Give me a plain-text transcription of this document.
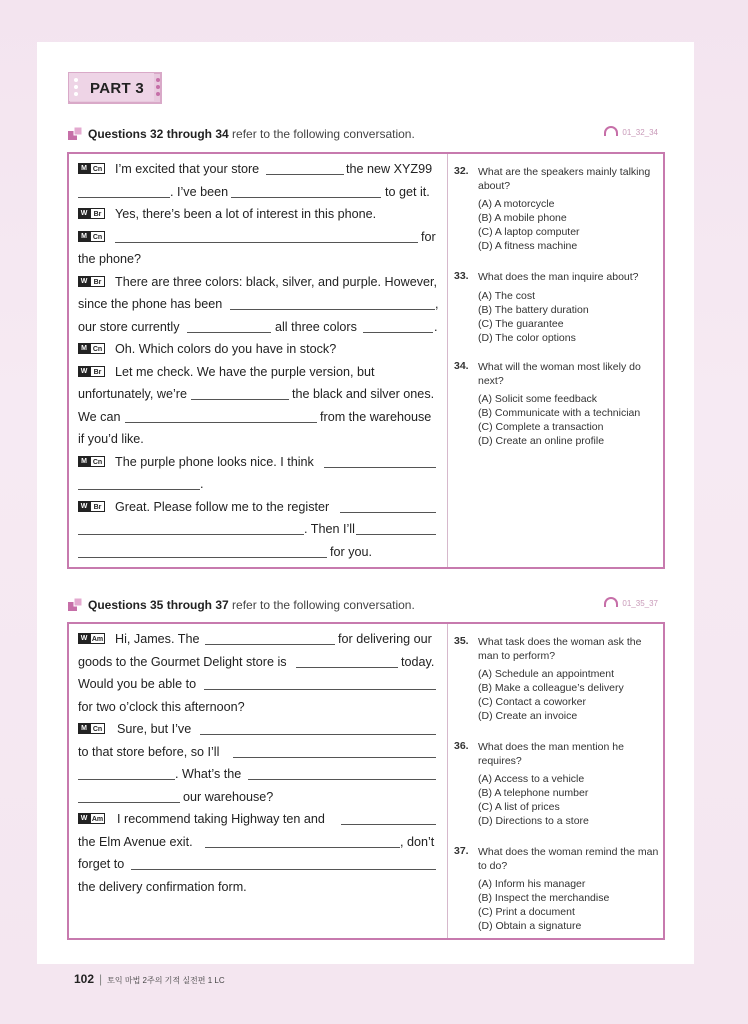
PART 3
Questions 32 through 34 refer to the following conversation.	01_32_34
M Cn I’m excited that your store	the new XYZ99
. I’ve been	to get it.
W Br Yes, there’s been a lot of interest in this phone.
M Cn	for
the phone?
W Br There are three colors: black, silver, and purple. However,
since the phone has been	,
our store currently	all three colors	.
M Cn Oh. Which colors do you have in stock?
W Br Let me check. We have the purple version, but
unfortunately, we’re	the black and silver ones.
We can	from the warehouse
if you’d like.
M Cn The purple phone looks nice. I think
.
W Br Great. Please follow me to the register
. Then I’ll
for you.
32. What are the speakers mainly talking about?
(A) A motorcycle
(B) A mobile phone
(C) A laptop computer
(D) A fitness machine
33. What does the man inquire about?
(A) The cost
(B) The battery duration
(C) The guarantee
(D) The color options
34. What will the woman most likely do next?
(A) Solicit some feedback
(B) Communicate with a technician
(C) Complete a transaction
(D) Create an online profile
Questions 35 through 37 refer to the following conversation.	01_35_37
W Am Hi, James. The	for delivering our
goods to the Gourmet Delight store is	today.
Would you be able to
for two o’clock this afternoon?
M Cn Sure, but I’ve
to that store before, so I’ll
. What’s the
our warehouse?
W Am I recommend taking Highway ten and
the Elm Avenue exit.	, don’t
forget to
the delivery confirmation form.
35. What task does the woman ask the man to perform?
(A) Schedule an appointment
(B) Make a colleague’s delivery
(C) Contact a coworker
(D) Create an invoice
36. What does the man mention he requires?
(A) Access to a vehicle
(B) A telephone number
(C) A list of prices
(D) Directions to a store
37. What does the woman remind the man to do?
(A) Inform his manager
(B) Inspect the merchandise
(C) Print a document
(D) Obtain a signature
102 | 토익 마법 2주의 기적 실전편 1 LC
